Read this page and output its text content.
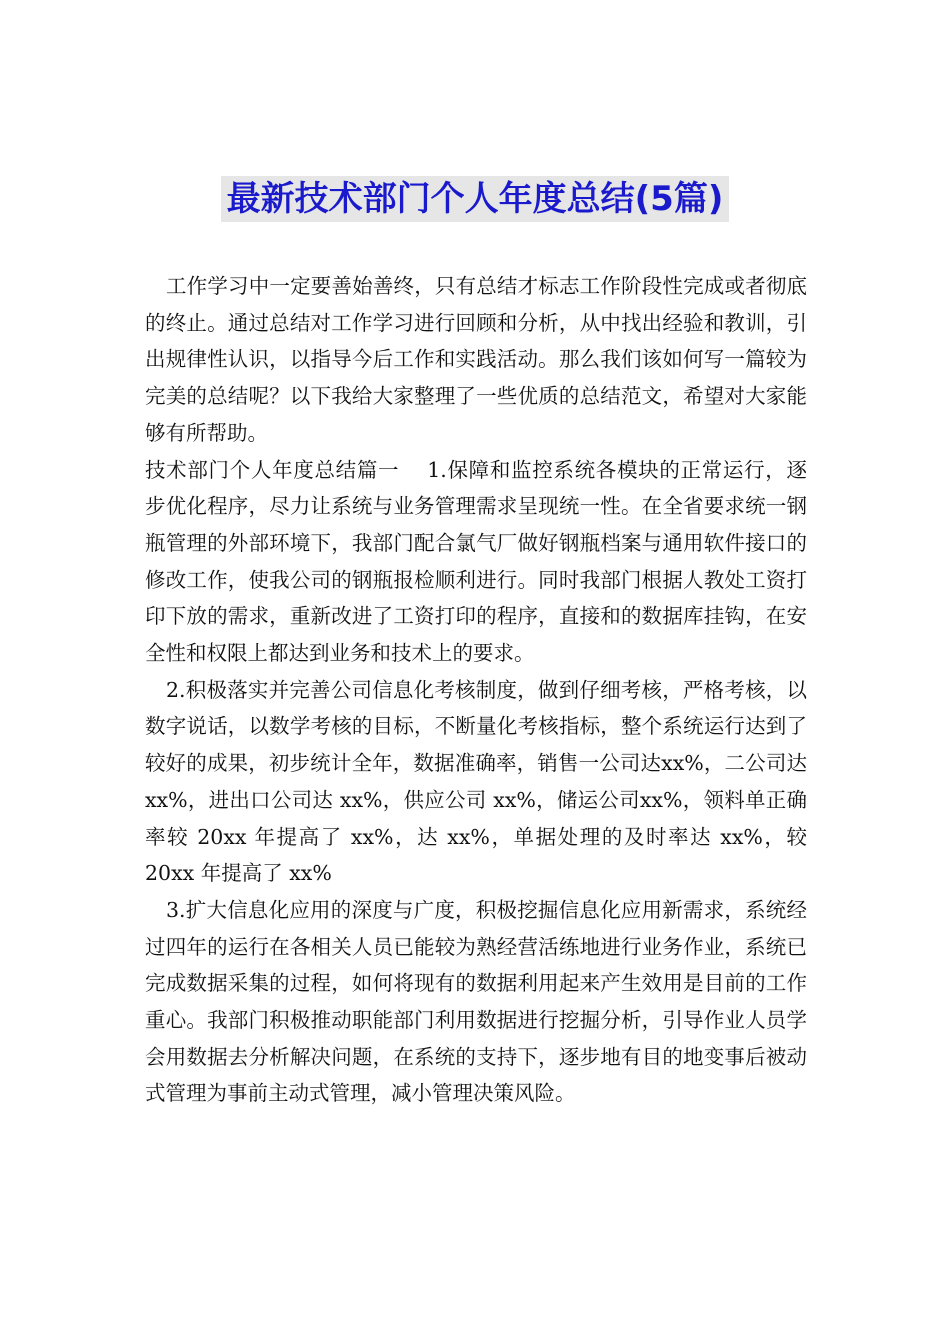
最新技术部门个人年度总结(5篇)

工作学习中一定要善始善终，只有总结才标志工作阶段性完成或者彻底的终止。通过总结对工作学习进行回顾和分析，从中找出经验和教训，引出规律性认识，以指导今后工作和实践活动。那么我们该如何写一篇较为完美的总结呢？以下我给大家整理了一些优质的总结范文，希望对大家能够有所帮助。

技术部门个人年度总结篇一 1.保障和监控系统各模块的正常运行，逐步优化程序，尽力让系统与业务管理需求呈现统一性。在全省要求统一钢瓶管理的外部环境下，我部门配合氯气厂做好钢瓶档案与通用软件接口的修改工作，使我公司的钢瓶报检顺利进行。同时我部门根据人教处工资打印下放的需求，重新改进了工资打印的程序，直接和的数据库挂钩，在安全性和权限上都达到业务和技术上的要求。

2.积极落实并完善公司信息化考核制度，做到仔细考核，严格考核，以数字说话，以数学考核的目标，不断量化考核指标，整个系统运行达到了较好的成果，初步统计全年，数据准确率，销售一公司达xx%，二公司达 xx%，进出口公司达 xx%，供应公司 xx%，储运公司xx%，领料单正确率较 20xx 年提高了 xx%，达 xx%，单据处理的及时率达 xx%，较 20xx 年提高了 xx%

3.扩大信息化应用的深度与广度，积极挖掘信息化应用新需求，系统经过四年的运行在各相关人员已能较为熟经营活练地进行业务作业，系统已完成数据采集的过程，如何将现有的数据利用起来产生效用是目前的工作重心。我部门积极推动职能部门利用数据进行挖掘分析，引导作业人员学会用数据去分析解决问题，在系统的支持下，逐步地有目的地变事后被动式管理为事前主动式管理，减小管理决策风险。
